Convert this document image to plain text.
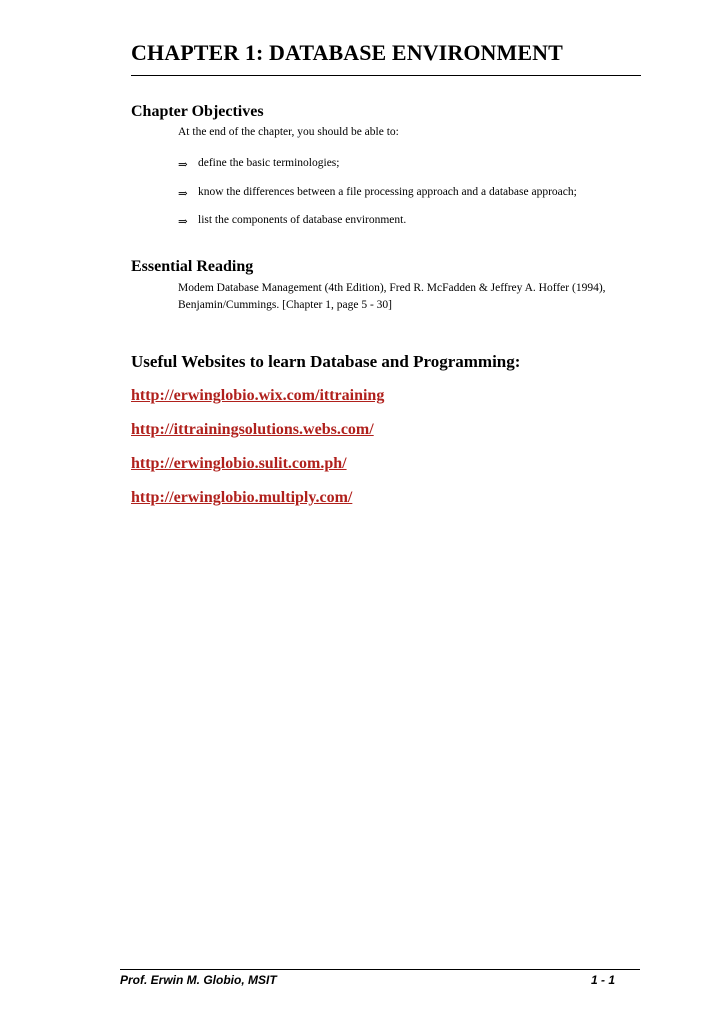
CHAPTER 1: DATABASE ENVIRONMENT
Chapter Objectives
At the end of the chapter, you should be able to:
⇒ define the basic terminologies;
⇒ know the differences between a file processing approach and a database approach;
⇒ list the components of database environment.
Essential Reading
Modem Database Management (4th Edition), Fred R. McFadden & Jeffrey A. Hoffer (1994),
Benjamin/Cummings. [Chapter 1, page 5 - 30]
Useful Websites to learn Database and Programming:
http://erwinglobio.wix.com/ittraining
http://ittrainingsolutions.webs.com/
http://erwinglobio.sulit.com.ph/
http://erwinglobio.multiply.com/
Prof. Erwin M. Globio, MSIT	1 - 1
